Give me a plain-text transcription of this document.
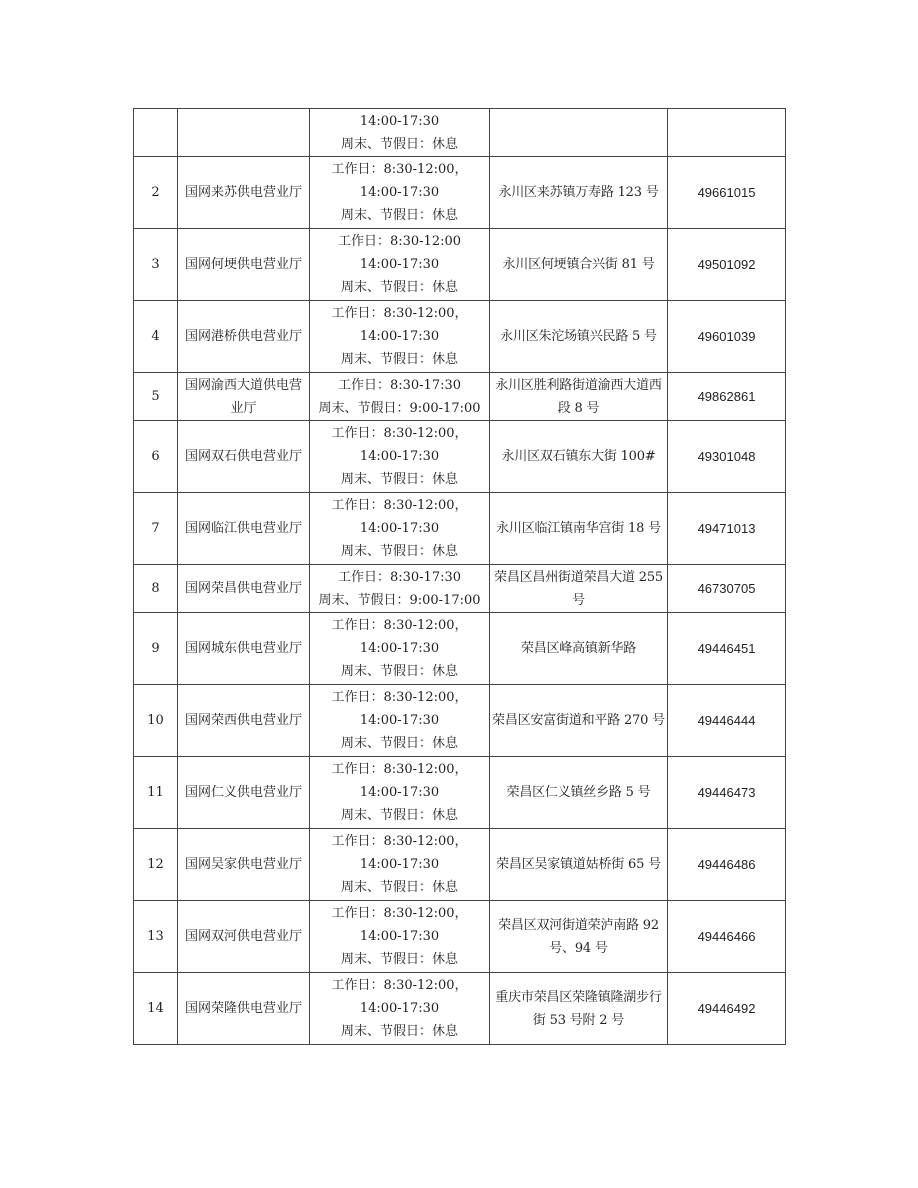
		14:00-17:30
周末、节假日：休息		

2	国网来苏供电营业厅	工作日：8:30-12:00，
14:00-17:30
周末、节假日：休息	永川区来苏镇万寿路 123 号	49661015
3	国网何埂供电营业厅	工作日：8:30-12:00
14:00-17:30
周末、节假日：休息	永川区何埂镇合兴街 81 号	49501092
4	国网港桥供电营业厅	工作日：8:30-12:00，
14:00-17:30
周末、节假日：休息	永川区朱沱场镇兴民路 5 号	49601039
5	国网渝西大道供电营业厅	工作日：8:30-17:30
周末、节假日：9:00-17:00	永川区胜利路街道渝西大道西段 8 号	49862861
6	国网双石供电营业厅	工作日：8:30-12:00，
14:00-17:30
周末、节假日：休息	永川区双石镇东大街 100#	49301048
7	国网临江供电营业厅	工作日：8:30-12:00，
14:00-17:30
周末、节假日：休息	永川区临江镇南华宫街 18 号	49471013
8	国网荣昌供电营业厅	工作日：8:30-17:30
周末、节假日：9:00-17:00	荣昌区昌州街道荣昌大道 255 号	46730705
9	国网城东供电营业厅	工作日：8:30-12:00，
14:00-17:30
周末、节假日：休息	荣昌区峰高镇新华路	49446451
10	国网荣西供电营业厅	工作日：8:30-12:00，
14:00-17:30
周末、节假日：休息	荣昌区安富街道和平路 270 号	49446444
11	国网仁义供电营业厅	工作日：8:30-12:00，
14:00-17:30
周末、节假日：休息	荣昌区仁义镇丝乡路 5 号	49446473
12	国网吴家供电营业厅	工作日：8:30-12:00，
14:00-17:30
周末、节假日：休息	荣昌区吴家镇道姑桥街 65 号	49446486
13	国网双河供电营业厅	工作日：8:30-12:00，
14:00-17:30
周末、节假日：休息	荣昌区双河街道荣泸南路 92 号、94 号	49446466
14	国网荣隆供电营业厅	工作日：8:30-12:00，
14:00-17:30
周末、节假日：休息	重庆市荣昌区荣隆镇隆湖步行街 53 号附 2 号	49446492
